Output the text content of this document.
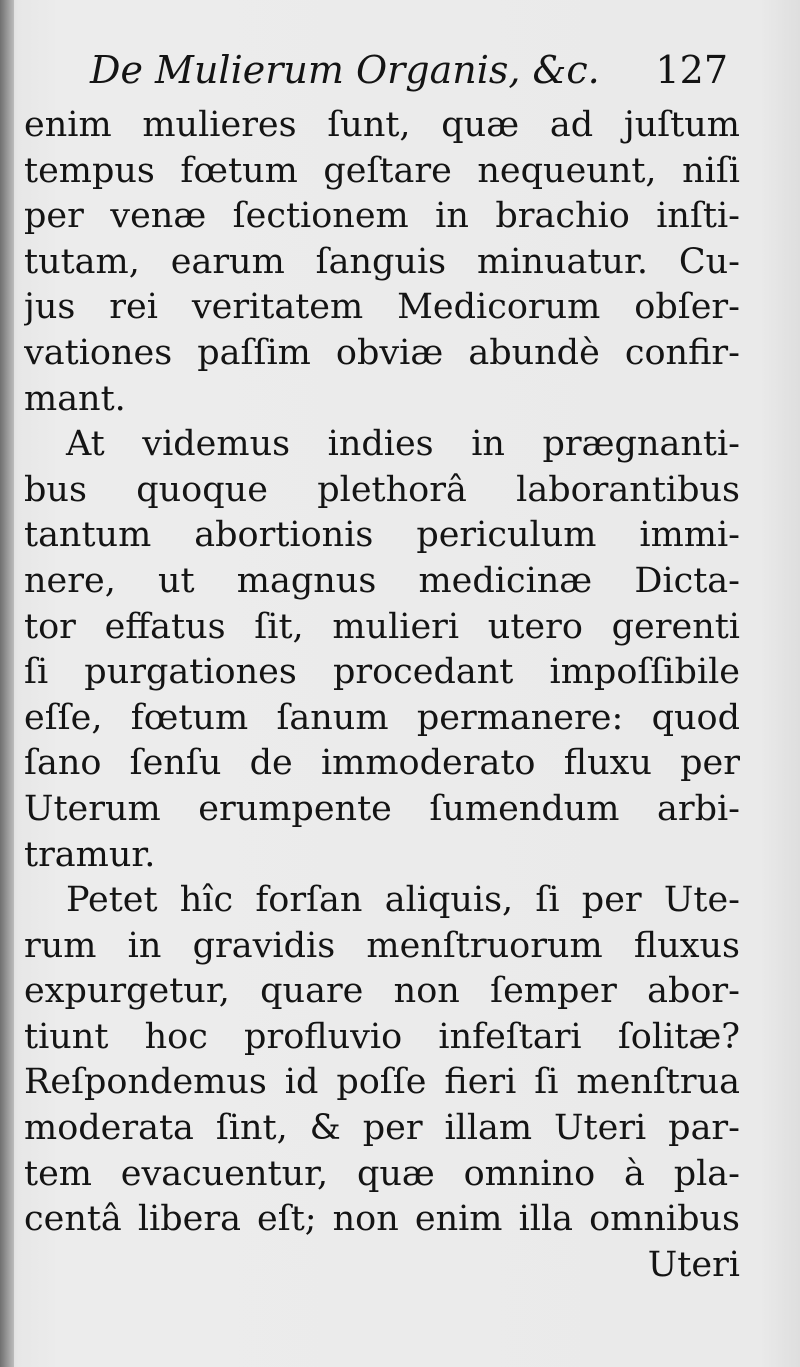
De Mulierum Organis, &c. 127
enim mulieres ſunt, quæ ad juſtum
tempus fœtum geſtare nequeunt, niſi
per venæ ſectionem in brachio inſti-
tutam, earum ſanguis minuatur. Cu-
jus rei veritatem Medicorum obſer-
vationes paſſim obviæ abundè confir-
mant.
At videmus indies in prægnanti-
bus quoque plethorâ laborantibus
tantum abortionis periculum immi-
nere, ut magnus medicinæ Dicta-
tor effatus ſit, mulieri utero gerenti
ſi purgationes procedant impoſſibile
eſſe, fœtum ſanum permanere: quod
ſano ſenſu de immoderato fluxu per
Uterum erumpente ſumendum arbi-
tramur.
Petet hîc forſan aliquis, ſi per Ute-
rum in gravidis menſtruorum fluxus
expurgetur, quare non ſemper abor-
tiunt hoc profluvio infeſtari ſolitæ?
Reſpondemus id poſſe fieri ſi menſtrua
moderata ſint, & per illam Uteri par-
tem evacuentur, quæ omnino à pla-
centâ libera eſt; non enim illa omnibus
Uteri
